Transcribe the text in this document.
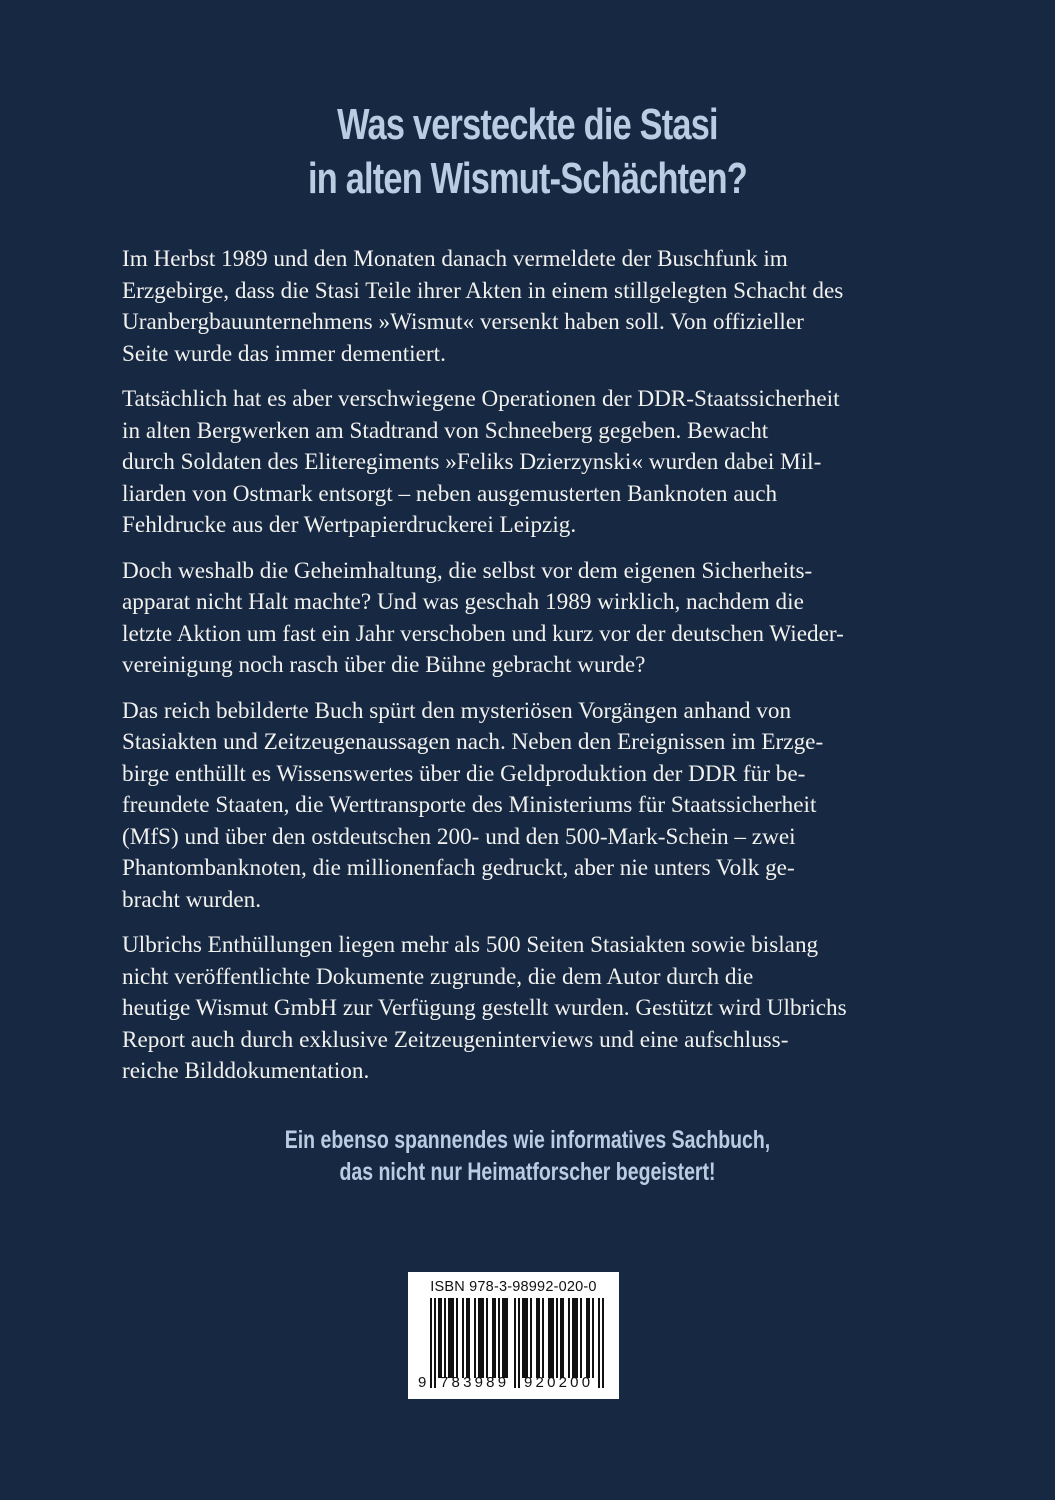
Was versteckte die Stasi
in alten Wismut-Schächten?

Im Herbst 1989 und den Monaten danach vermeldete der Buschfunk im
Erzgebirge, dass die Stasi Teile ihrer Akten in einem stillgelegten Schacht des
Uranbergbauunternehmens »Wismut« versenkt haben soll. Von offizieller
Seite wurde das immer dementiert.

Tatsächlich hat es aber verschwiegene Operationen der DDR-Staatssicherheit
in alten Bergwerken am Stadtrand von Schneeberg gegeben. Bewacht
durch Soldaten des Eliteregiments »Feliks Dzierzynski« wurden dabei Mil-
liarden von Ostmark entsorgt – neben ausgemusterten Banknoten auch
Fehldrucke aus der Wertpapierdruckerei Leipzig.

Doch weshalb die Geheimhaltung, die selbst vor dem eigenen Sicherheits-
apparat nicht Halt machte? Und was geschah 1989 wirklich, nachdem die
letzte Aktion um fast ein Jahr verschoben und kurz vor der deutschen Wieder-
vereinigung noch rasch über die Bühne gebracht wurde?

Das reich bebilderte Buch spürt den mysteriösen Vorgängen anhand von
Stasiakten und Zeitzeugenaussagen nach. Neben den Ereignissen im Erzge-
birge enthüllt es Wissenswertes über die Geldproduktion der DDR für be-
freundete Staaten, die Werttransporte des Ministeriums für Staatssicherheit
(MfS) und über den ostdeutschen 200- und den 500-Mark-Schein – zwei
Phantombanknoten, die millionenfach gedruckt, aber nie unters Volk ge-
bracht wurden.

Ulbrichs Enthüllungen liegen mehr als 500 Seiten Stasiakten sowie bislang
nicht veröffentlichte Dokumente zugrunde, die dem Autor durch die
heutige Wismut GmbH zur Verfügung gestellt wurden. Gestützt wird Ulbrichs
Report auch durch exklusive Zeitzeugeninterviews und eine aufschluss-
reiche Bilddokumentation.

Ein ebenso spannendes wie informatives Sachbuch,
das nicht nur Heimatforscher begeistert!
ISBN 978-3-98992-020-0
9 783989 920200
